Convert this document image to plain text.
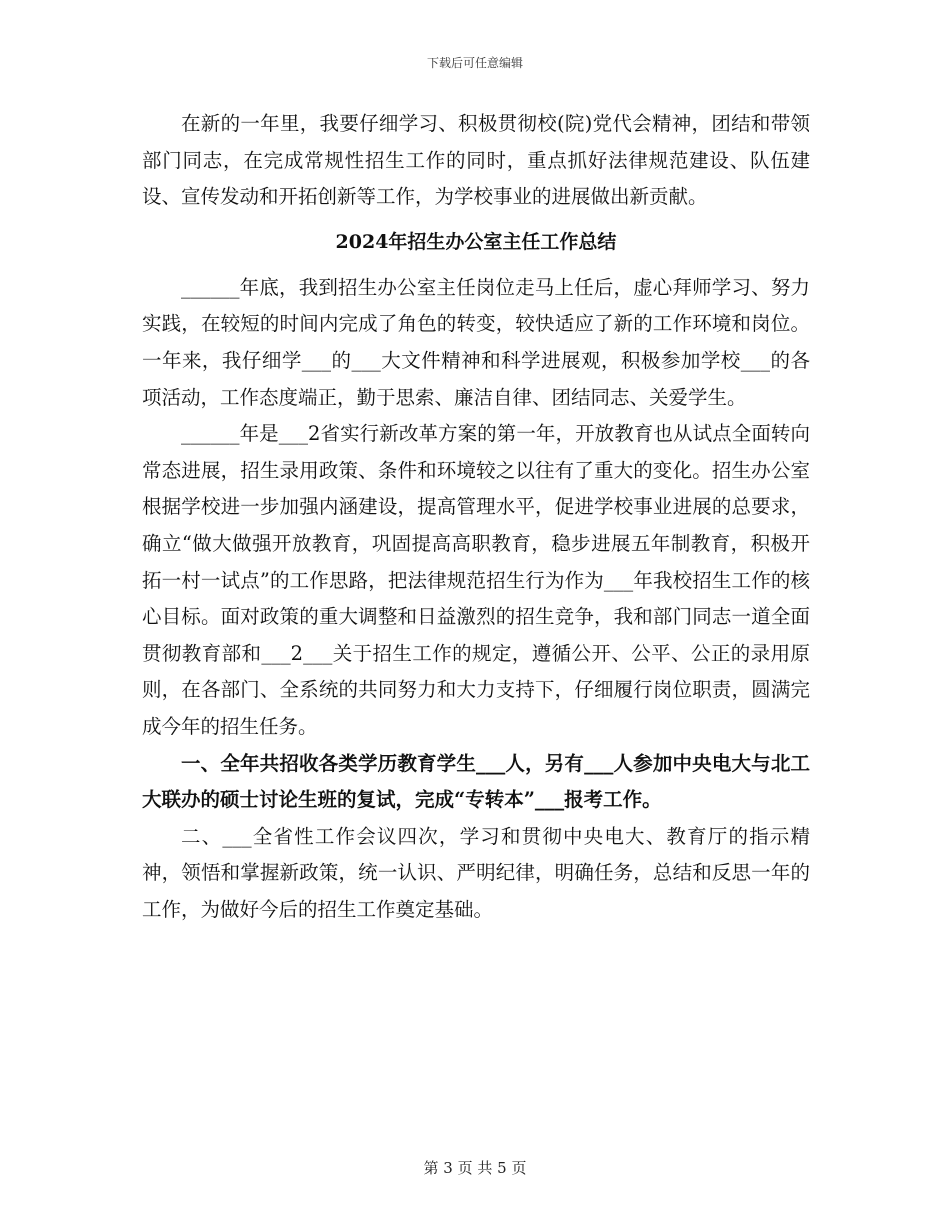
下载后可任意编辑

在新的一年里，我要仔细学习、积极贯彻校(院)党代会精神，团结和带领部门同志，在完成常规性招生工作的同时，重点抓好法律规范建设、队伍建设、宣传发动和开拓创新等工作，为学校事业的进展做出新贡献。

2024年招生办公室主任工作总结

______年底，我到招生办公室主任岗位走马上任后，虚心拜师学习、努力实践，在较短的时间内完成了角色的转变，较快适应了新的工作环境和岗位。一年来，我仔细学___的___大文件精神和科学进展观，积极参加学校___的各项活动，工作态度端正，勤于思索、廉洁自律、团结同志、关爱学生。

______年是___2省实行新改革方案的第一年，开放教育也从试点全面转向常态进展，招生录用政策、条件和环境较之以往有了重大的变化。招生办公室根据学校进一步加强内涵建设，提高管理水平，促进学校事业进展的总要求，确立“做大做强开放教育，巩固提高高职教育，稳步进展五年制教育，积极开拓一村一试点”的工作思路，把法律规范招生行为作为___年我校招生工作的核心目标。面对政策的重大调整和日益激烈的招生竞争，我和部门同志一道全面贯彻教育部和___2___关于招生工作的规定，遵循公开、公平、公正的录用原则，在各部门、全系统的共同努力和大力支持下，仔细履行岗位职责，圆满完成今年的招生任务。

一、全年共招收各类学历教育学生___人，另有___人参加中央电大与北工大联办的硕士讨论生班的复试，完成“专转本”___报考工作。

二、___全省性工作会议四次，学习和贯彻中央电大、教育厅的指示精神，领悟和掌握新政策，统一认识、严明纪律，明确任务，总结和反思一年的工作，为做好今后的招生工作奠定基础。

第 3 页 共 5 页
